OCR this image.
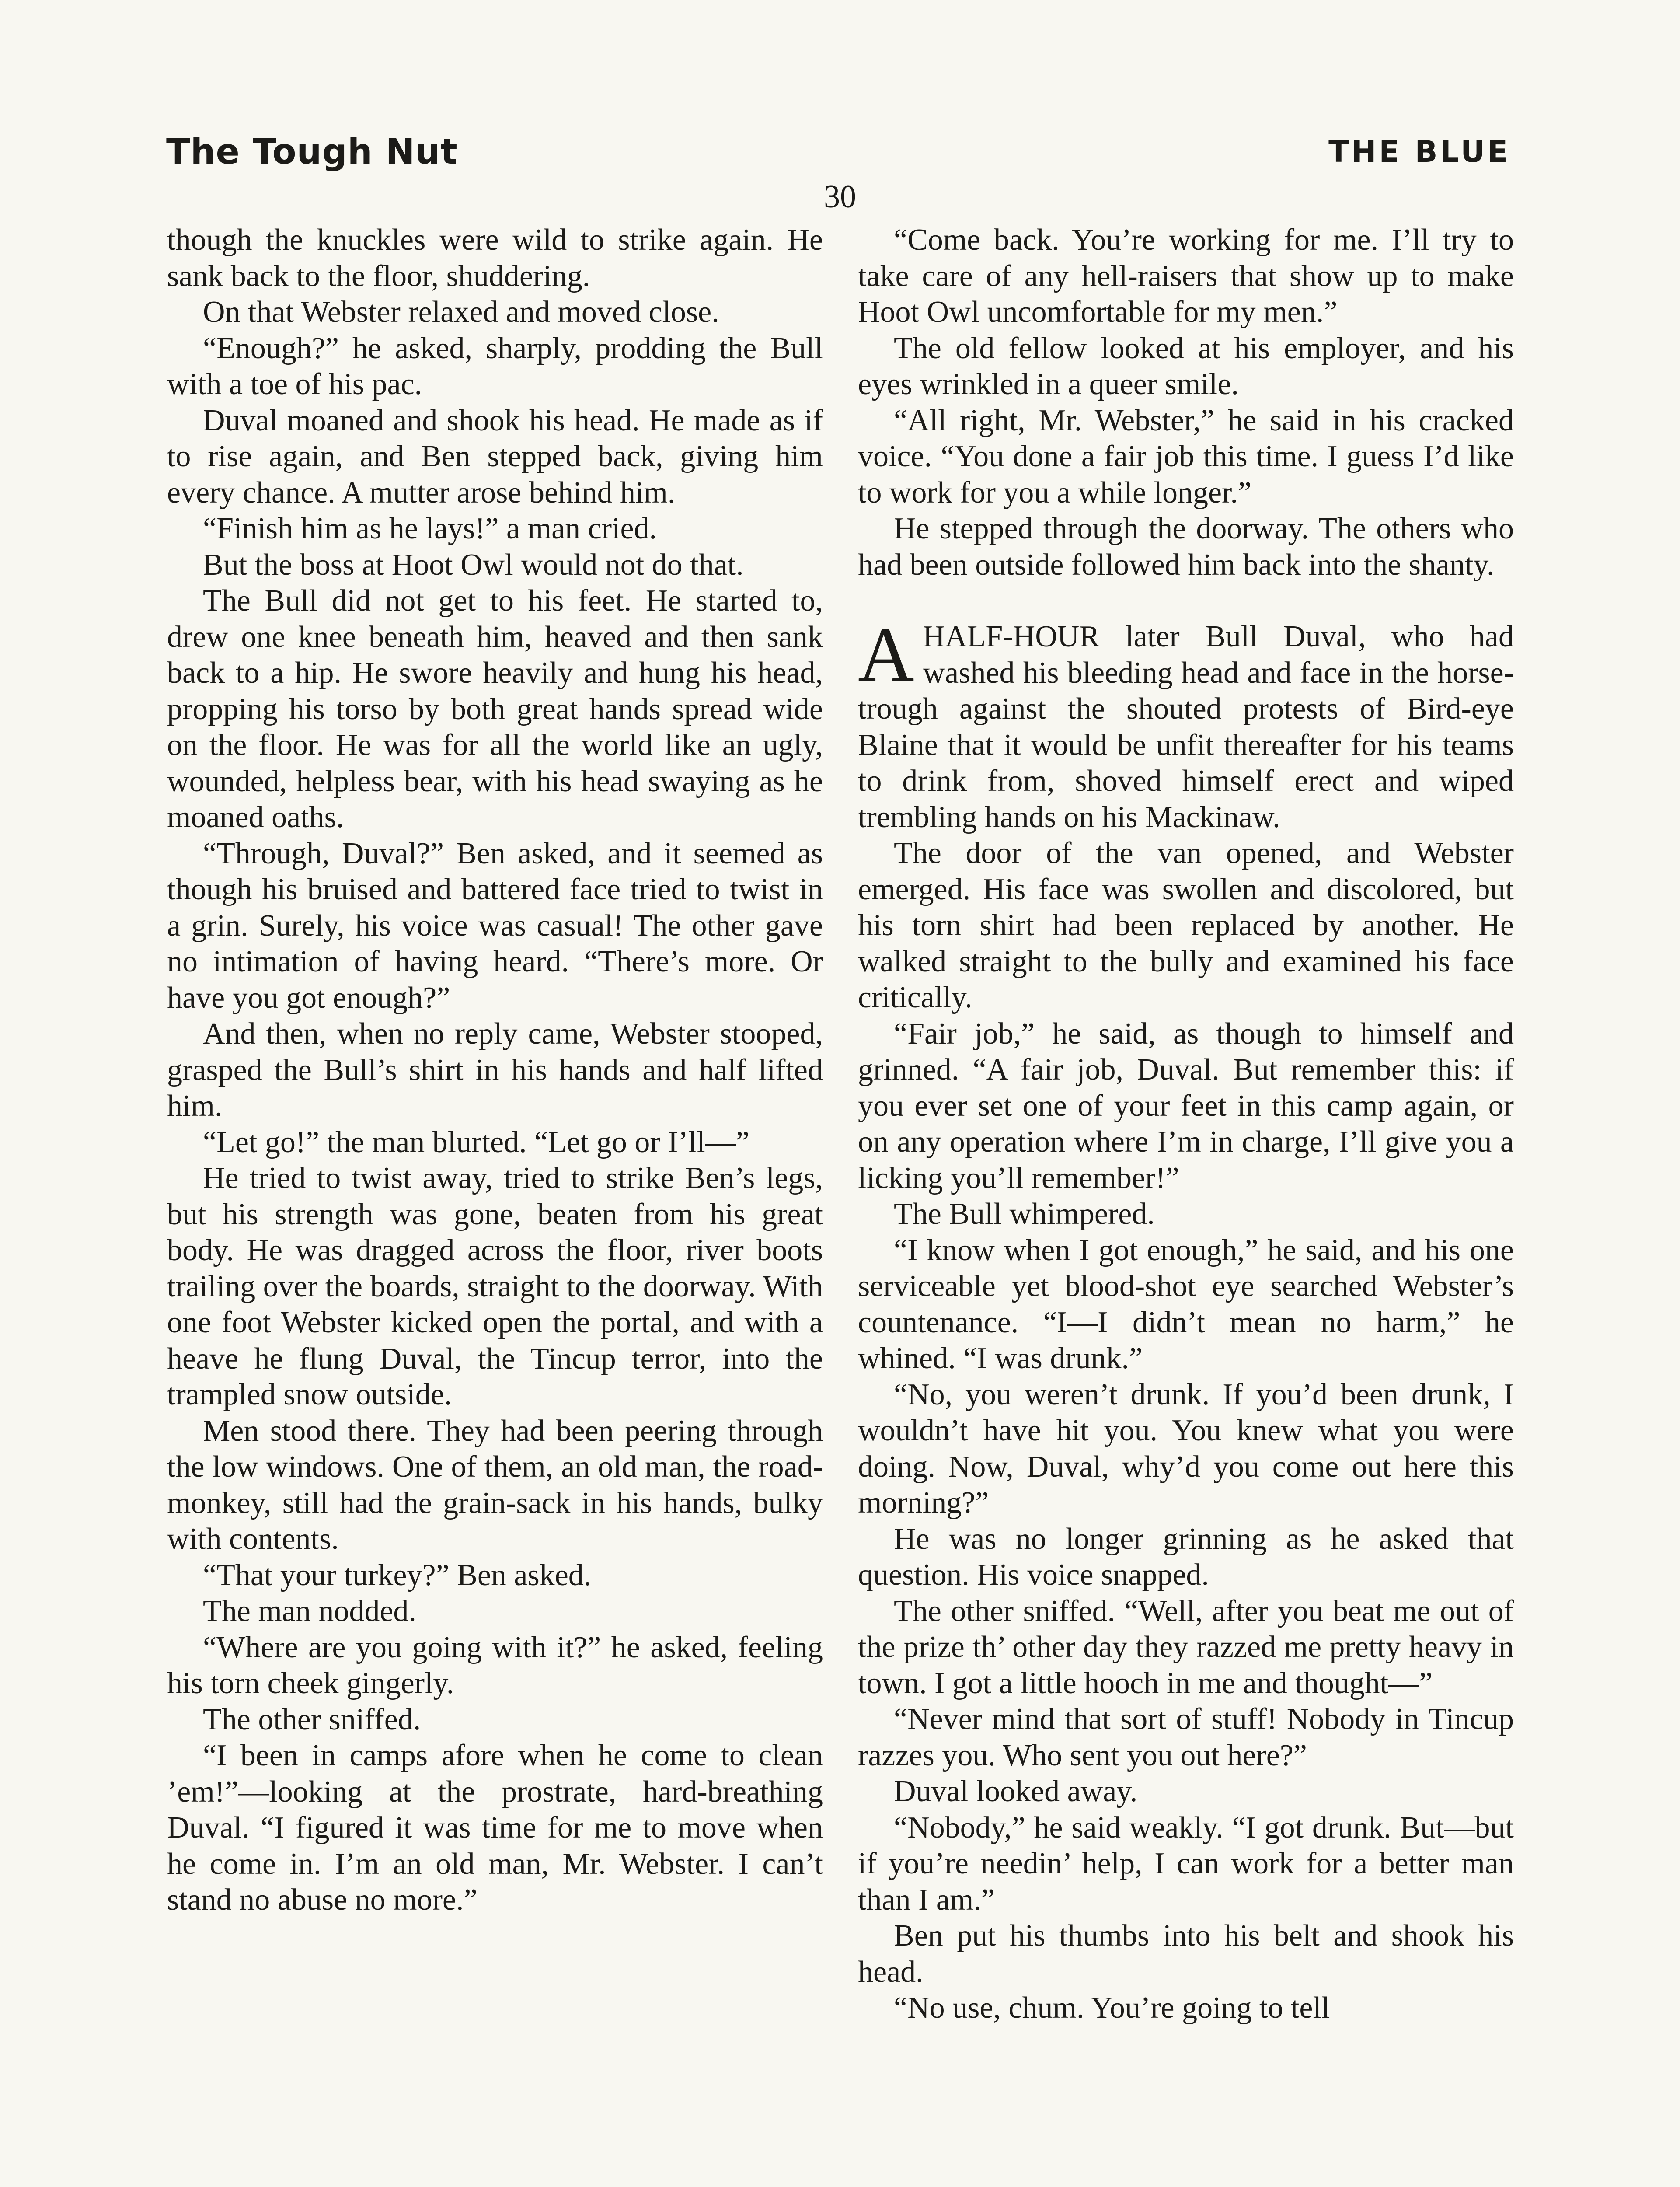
The Tough Nut	THE BLUE
30

though the knuckles were wild to strike again. He sank back to the floor, shuddering.

On that Webster relaxed and moved close.

“Enough?” he asked, sharply, prodding the Bull with a toe of his pac.

Duval moaned and shook his head. He made as if to rise again, and Ben stepped back, giving him every chance. A mutter arose behind him.

“Finish him as he lays!” a man cried.

But the boss at Hoot Owl would not do that.

The Bull did not get to his feet. He started to, drew one knee beneath him, heaved and then sank back to a hip. He swore heavily and hung his head, propping his torso by both great hands spread wide on the floor. He was for all the world like an ugly, wounded, helpless bear, with his head swaying as he moaned oaths.

“Through, Duval?” Ben asked, and it seemed as though his bruised and battered face tried to twist in a grin. Surely, his voice was casual! The other gave no intimation of having heard. “There’s more. Or have you got enough?”

And then, when no reply came, Webster stooped, grasped the Bull’s shirt in his hands and half lifted him.

“Let go!” the man blurted. “Let go or I’ll—”

He tried to twist away, tried to strike Ben’s legs, but his strength was gone, beaten from his great body. He was dragged across the floor, river boots trailing over the boards, straight to the doorway. With one foot Webster kicked open the portal, and with a heave he flung Duval, the Tincup terror, into the trampled snow outside.

Men stood there. They had been peering through the low windows. One of them, an old man, the road-monkey, still had the grain-sack in his hands, bulky with contents.

“That your turkey?” Ben asked.

The man nodded.

“Where are you going with it?” he asked, feeling his torn cheek gingerly.

The other sniffed.

“I been in camps afore when he come to clean ’em!”—looking at the prostrate, hard-breathing Duval. “I figured it was time for me to move when he come in. I’m an old man, Mr. Webster. I can’t stand no abuse no more.”

“Come back. You’re working for me. I’ll try to take care of any hell-raisers that show up to make Hoot Owl uncomfortable for my men.”

The old fellow looked at his employer, and his eyes wrinkled in a queer smile.

“All right, Mr. Webster,” he said in his cracked voice. “You done a fair job this time. I guess I’d like to work for you a while longer.”

He stepped through the doorway. The others who had been outside followed him back into the shanty.

AHALF-HOUR later Bull Duval, who had washed his bleeding head and face in the horse-trough against the shouted protests of Bird-eye Blaine that it would be unfit thereafter for his teams to drink from, shoved himself erect and wiped trembling hands on his Mackinaw.

The door of the van opened, and Webster emerged. His face was swollen and discolored, but his torn shirt had been replaced by another. He walked straight to the bully and examined his face critically.

“Fair job,” he said, as though to himself and grinned. “A fair job, Duval. But remember this: if you ever set one of your feet in this camp again, or on any operation where I’m in charge, I’ll give you a licking you’ll remember!”

The Bull whimpered.

“I know when I got enough,” he said, and his one serviceable yet blood-shot eye searched Webster’s countenance. “I—I didn’t mean no harm,” he whined. “I was drunk.”

“No, you weren’t drunk. If you’d been drunk, I wouldn’t have hit you. You knew what you were doing. Now, Duval, why’d you come out here this morning?”

He was no longer grinning as he asked that question. His voice snapped.

The other sniffed. “Well, after you beat me out of the prize th’ other day they razzed me pretty heavy in town. I got a little hooch in me and thought—”

“Never mind that sort of stuff! Nobody in Tincup razzes you. Who sent you out here?”

Duval looked away.

“Nobody,” he said weakly. “I got drunk. But—but if you’re needin’ help, I can work for a better man than I am.”

Ben put his thumbs into his belt and shook his head.

“No use, chum. You’re going to tell
